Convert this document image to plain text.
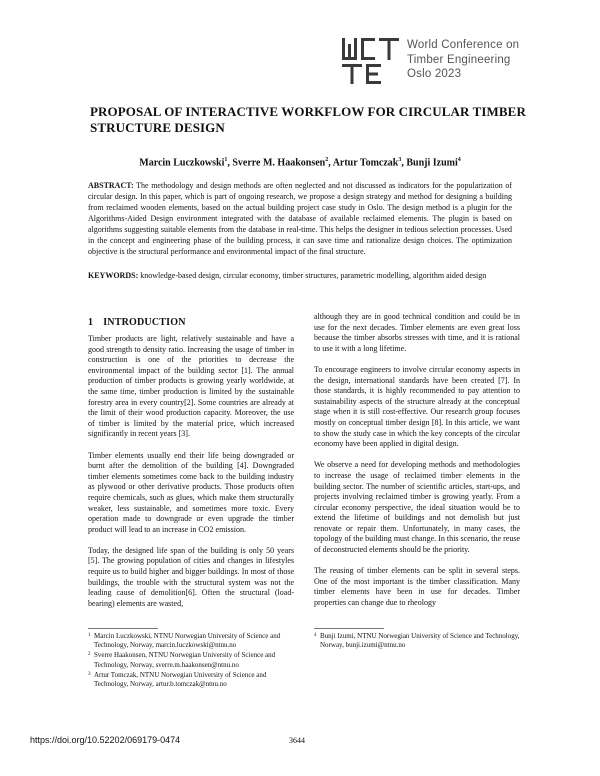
World Conference on
Timber Engineering
Oslo 2023
PROPOSAL OF INTERACTIVE WORKFLOW FOR CIRCULAR TIMBER STRUCTURE DESIGN
Marcin Luczkowski$^1$, Sverre M. Haakonsen$^2$, Artur Tomczak$^3$, Bunji Izumi$^4$
ABSTRACT: The methodology and design methods are often neglected and not discussed as indicators for the popularization of circular design. In this paper, which is part of ongoing research, we propose a design strategy and method for designing a building from reclaimed wooden elements, based on the actual building project case study in Oslo. The design method is a plugin for the Algorithms-Aided Design environment integrated with the database of available reclaimed elements. The plugin is based on algorithms suggesting suitable elements from the database in real-time. This helps the designer in tedious selection processes. Used in the concept and engineering phase of the building process, it can save time and rationalize design choices. The optimization objective is the structural performance and environmental impact of the final structure.
KEYWORDS: knowledge-based design, circular economy, timber structures, parametric modelling, algorithm aided design
1 INTRODUCTION

Timber products are light, relatively sustainable and have a good strength to density ratio. Increasing the usage of timber in construction is one of the priorities to decrease the environmental impact of the building sector [1]. The annual production of timber products is growing yearly worldwide, at the same time, timber production is limited by the sustainable forestry area in every country[2]. Some countries are already at the limit of their wood production capacity. Moreover, the use of timber is limited by the material price, which increased significantly in recent years [3].

Timber elements usually end their life being downgraded or burnt after the demolition of the building [4]. Downgraded timber elements sometimes come back to the building industry as plywood or other derivative products. Those products often require chemicals, such as glues, which make them structurally weaker, less sustainable, and sometimes more toxic. Every operation made to downgrade or even upgrade the timber product will lead to an increase in CO2 emission.

Today, the designed life span of the building is only 50 years [5]. The growing population of cities and changes in lifestyles require us to build higher and bigger buildings. In most of those buildings, the trouble with the structural system was not the leading cause of demolition[6]. Often the structural (load-bearing) elements are wasted,

although they are in good technical condition and could be in use for the next decades. Timber elements are even great loss because the timber absorbs stresses with time, and it is rational to use it with a long lifetime.

To encourage engineers to involve circular economy aspects in the design, international standards have been created [7]. In those standards, it is highly recommended to pay attention to sustainability aspects of the structure already at the conceptual stage when it is still cost-effective. Our research group focuses mostly on conceptual timber design [8]. In this article, we want to show the study case in which the key concepts of the circular economy have been applied in digital design.

We observe a need for developing methods and methodologies to increase the usage of reclaimed timber elements in the building sector. The number of scientific articles, start-ups, and projects involving reclaimed timber is growing yearly. From a circular economy perspective, the ideal situation would be to extend the lifetime of buildings and not demolish but just renovate or repair them. Unfortunately, in many cases, the topology of the building must change. In this scenario, the reuse of deconstructed elements should be the priority.

The reusing of timber elements can be split in several steps. One of the most important is the timber classification. Many timber elements have been in use for decades. Timber properties can change due to rheology

1 Marcin Luczkowski, NTNU Norwegian University of Science and Technology, Norway, marcin.luczkowski@ntnu.no
2 Sverre Haakonsen, NTNU Norwegian University of Science and Technology, Norway, sverre.m.haakonsen@ntnu.no
3 Artur Tomczak, NTNU Norwegian University of Science and Technology, Norway, artur.b.tomczak@ntnu.no
4 Bunji Izumi, NTNU Norwegian University of Science and Technology, Norway, bunji.izumi@ntnu.no
https://doi.org/10.52202/069179-0474	3644
